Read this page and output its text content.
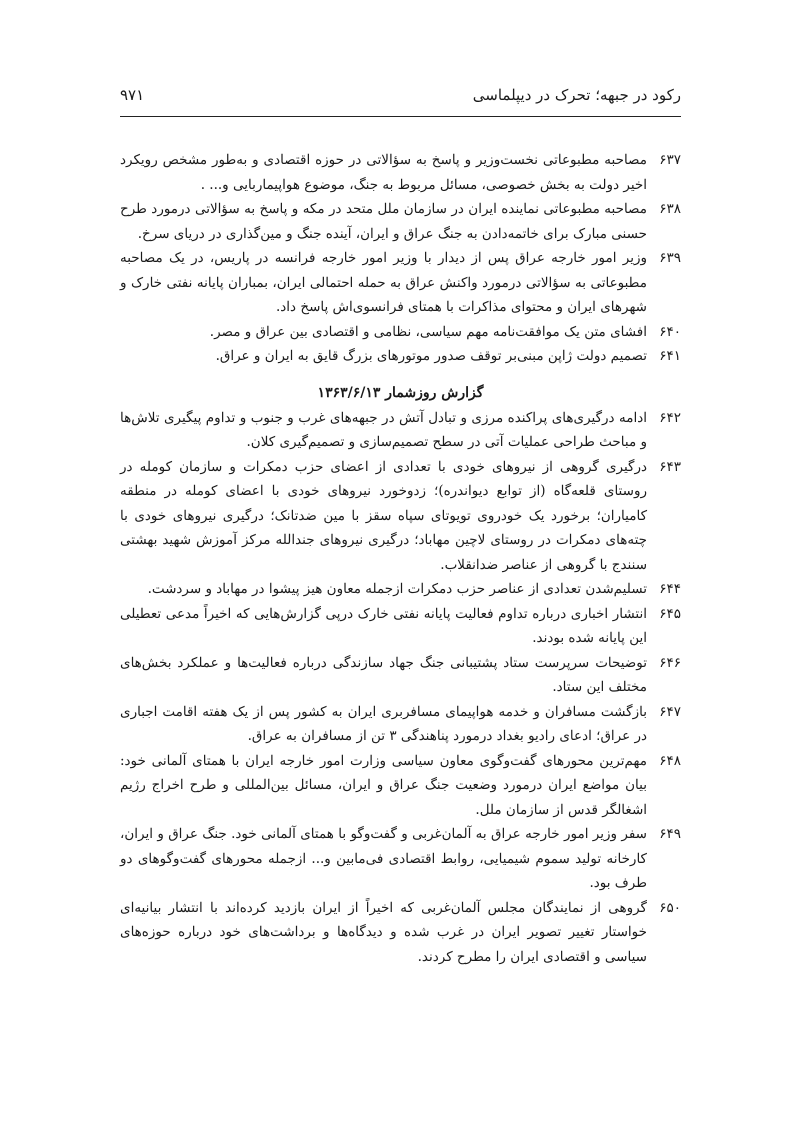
رکود در جبهه؛ تحرک در دیپلماسی
۹۷۱
۶۳۷
مصاحبه مطبوعاتی نخست‌وزیر و پاسخ به سؤالاتی در حوزه اقتصادی و به‌طور مشخص رویکرد اخیر دولت به بخش خصوصی، مسائل مربوط به جنگ، موضوع هواپیماربایی و... .
۶۳۸
مصاحبه مطبوعاتی نماینده ایران در سازمان ملل متحد در مکه و پاسخ به سؤالاتی درمورد طرح حسنی مبارک برای خاتمه‌دادن به جنگ عراق و ایران، آینده جنگ و مین‌گذاری در دریای سرخ.
۶۳۹
وزیر امور خارجه عراق پس از دیدار با وزیر امور خارجه فرانسه در پاریس، در یک مصاحبه مطبوعاتی به سؤالاتی درمورد واکنش عراق به حمله احتمالی ایران، بمباران پایانه نفتی خارک و شهرهای ایران و محتوای مذاکرات با همتای فرانسوی‌اش پاسخ داد.
۶۴۰
افشای متن یک موافقت‌نامه مهم سیاسی، نظامی و اقتصادی بین عراق و مصر.
۶۴۱
تصمیم دولت ژاپن مبنی‌بر توقف صدور موتورهای بزرگ قایق به ایران و عراق.
گزارش روزشمار ۱۳۶۳/۶/۱۳
۶۴۲
ادامه درگیری‌های پراکنده مرزی و تبادل آتش در جبهه‌های غرب و جنوب و تداوم پیگیری تلاش‌ها و مباحث طراحی عملیات آتی در سطح تصمیم‌سازی و تصمیم‌گیری کلان.
۶۴۳
درگیری گروهی از نیروهای خودی با تعدادی از اعضای حزب دمکرات و سازمان کومله در روستای قلعه‌گاه (از توابع دیواندره)؛ زدوخورد نیروهای خودی با اعضای کومله در منطقه کامیاران؛ برخورد یک خودروی تویوتای سپاه سقز با مین ضدتانک؛ درگیری نیروهای خودی با چته‌های دمکرات در روستای لاچین مهاباد؛ درگیری نیروهای جندالله مرکز آموزش شهید بهشتی سنندج با گروهی از عناصر ضدانقلاب.
۶۴۴
تسلیم‌شدن تعدادی از عناصر حزب دمکرات ازجمله معاون هیز پیشوا در مهاباد و سردشت.
۶۴۵
انتشار اخباری درباره تداوم فعالیت پایانه نفتی خارک درپی گزارش‌هایی که اخیراً مدعی تعطیلی این پایانه شده بودند.
۶۴۶
توضیحات سرپرست ستاد پشتیبانی جنگ جهاد سازندگی درباره فعالیت‌ها و عملکرد بخش‌های مختلف این ستاد.
۶۴۷
بازگشت مسافران و خدمه هواپیمای مسافربری ایران به کشور پس از یک هفته اقامت اجباری در عراق؛ ادعای رادیو بغداد درمورد پناهندگی ۳ تن از مسافران به عراق.
۶۴۸
مهم‌ترین محورهای گفت‌وگوی معاون سیاسی وزارت امور خارجه ایران با همتای آلمانی خود: بیان مواضع ایران درمورد وضعیت جنگ عراق و ایران، مسائل بین‌المللی و طرح اخراج رژیم اشغالگر قدس از سازمان ملل.
۶۴۹
سفر وزیر امور خارجه عراق به آلمان‌غربی و گفت‌وگو با همتای آلمانی خود. جنگ عراق و ایران، کارخانه تولید سموم شیمیایی، روابط اقتصادی فی‌مابین و... ازجمله محورهای گفت‌وگوهای دو طرف بود.
۶۵۰
گروهی از نمایندگان مجلس آلمان‌غربی که اخیراً از ایران بازدید کرده‌اند با انتشار بیانیه‌ای خواستار تغییر تصویر ایران در غرب شده و دیدگاه‌ها و برداشت‌های خود درباره حوزه‌های سیاسی و اقتصادی ایران را مطرح کردند.
